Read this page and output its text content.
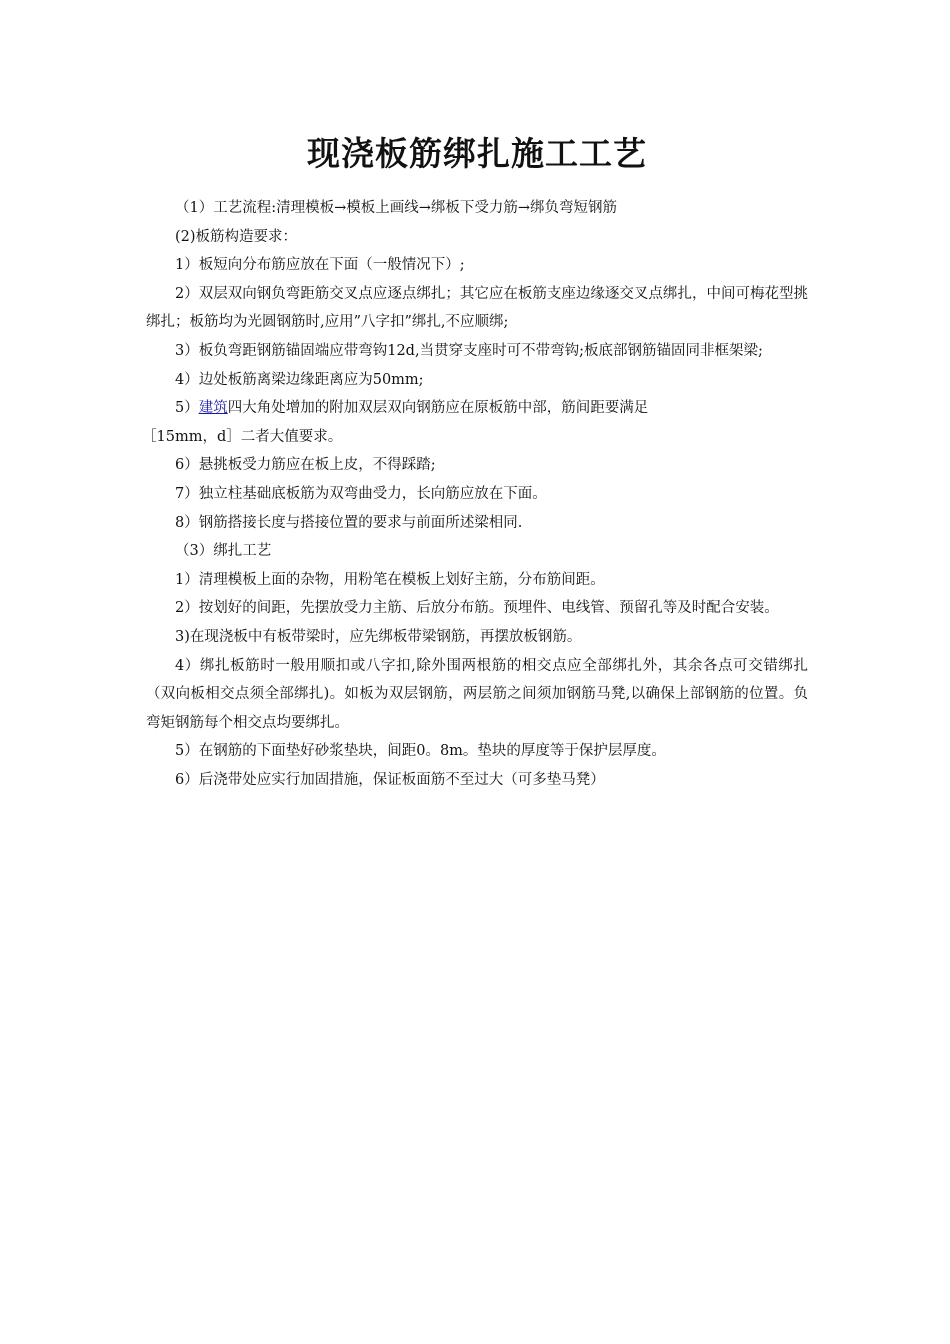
现浇板筋绑扎施工工艺

（1）工艺流程:清理模板→模板上画线→绑板下受力筋→绑负弯短钢筋

(2)板筋构造要求：

1）板短向分布筋应放在下面（一般情况下）;

2）双层双向钢负弯距筋交叉点应逐点绑扎；其它应在板筋支座边缘逐交叉点绑扎，中间可梅花型挑绑扎；板筋均为光圆钢筋时,应用”八字扣”绑扎,不应顺绑;

3）板负弯距钢筋锚固端应带弯钩12d,当贯穿支座时可不带弯钩;板底部钢筋锚固同非框架梁;

4）边处板筋离梁边缘距离应为50mm;

5）建筑四大角处增加的附加双层双向钢筋应在原板筋中部，筋间距要满足

［15mm，d］二者大值要求。

6）悬挑板受力筋应在板上皮，不得踩踏;

7）独立柱基础底板筋为双弯曲受力，长向筋应放在下面。

8）钢筋搭接长度与搭接位置的要求与前面所述梁相同.

（3）绑扎工艺

1）清理模板上面的杂物，用粉笔在模板上划好主筋，分布筋间距。

2）按划好的间距，先摆放受力主筋、后放分布筋。预埋件、电线管、预留孔等及时配合安装。

3)在现浇板中有板带梁时，应先绑板带梁钢筋，再摆放板钢筋。

4）绑扎板筋时一般用顺扣或八字扣,除外围两根筋的相交点应全部绑扎外，其余各点可交错绑扎（双向板相交点须全部绑扎)。如板为双层钢筋，两层筋之间须加钢筋马凳,以确保上部钢筋的位置。负弯矩钢筋每个相交点均要绑扎。

5）在钢筋的下面垫好砂浆垫块，间距0。8m。垫块的厚度等于保护层厚度。

6）后浇带处应实行加固措施，保证板面筋不至过大（可多垫马凳）
